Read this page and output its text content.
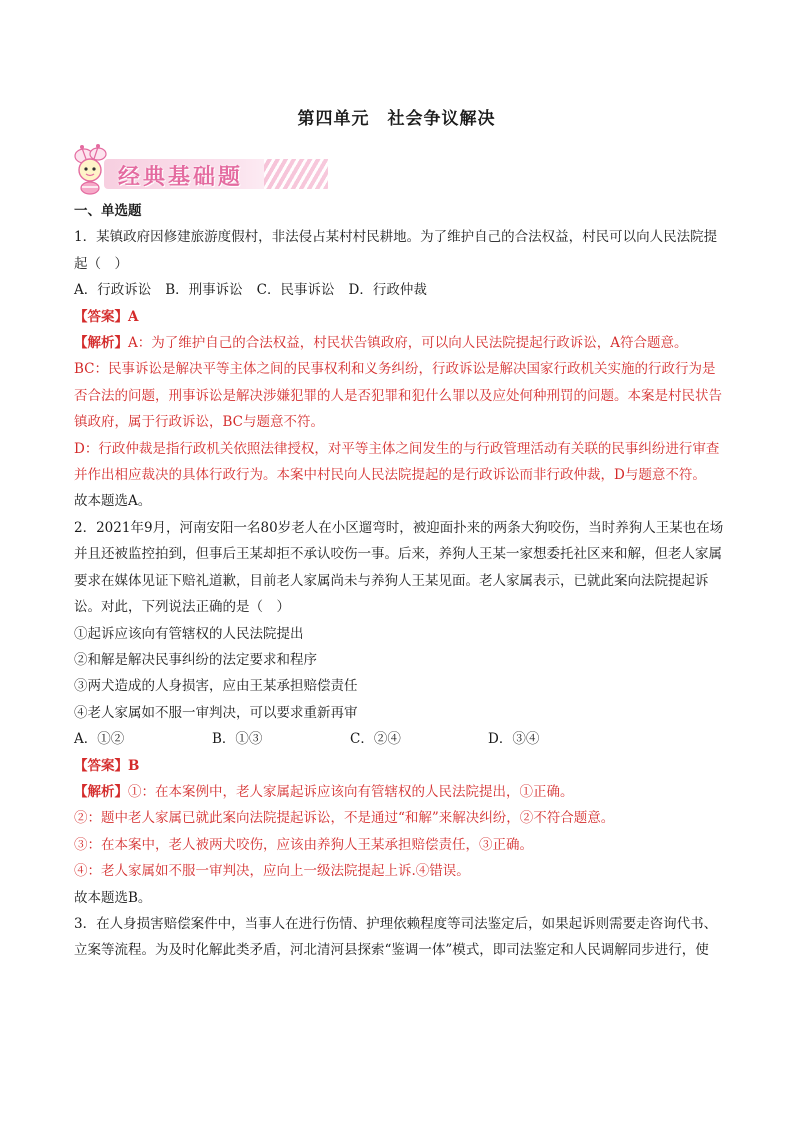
第四单元　社会争议解决
经典基础题

一、单选题

1．某镇政府因修建旅游度假村，非法侵占某村村民耕地。为了维护自己的合法权益，村民可以向人民法院提起（　）

A．行政诉讼 B．刑事诉讼 C．民事诉讼 D．行政仲裁

【答案】A

【解析】A：为了维护自己的合法权益，村民状告镇政府，可以向人民法院提起行政诉讼，A符合题意。

BC：民事诉讼是解决平等主体之间的民事权利和义务纠纷，行政诉讼是解决国家行政机关实施的行政行为是否合法的问题，刑事诉讼是解决涉嫌犯罪的人是否犯罪和犯什么罪以及应处何种刑罚的问题。本案是村民状告镇政府，属于行政诉讼，BC与题意不符。

D：行政仲裁是指行政机关依照法律授权，对平等主体之间发生的与行政管理活动有关联的民事纠纷进行审查并作出相应裁决的具体行政行为。本案中村民向人民法院提起的是行政诉讼而非行政仲裁，D与题意不符。

故本题选A。

2．2021年9月，河南安阳一名80岁老人在小区遛弯时，被迎面扑来的两条大狗咬伤，当时养狗人王某也在场并且还被监控拍到，但事后王某却拒不承认咬伤一事。后来，养狗人王某一家想委托社区来和解，但老人家属要求在媒体见证下赔礼道歉，目前老人家属尚未与养狗人王某见面。老人家属表示，已就此案向法院提起诉讼。对此，下列说法正确的是（　）

①起诉应该向有管辖权的人民法院提出

②和解是解决民事纠纷的法定要求和程序

③两犬造成的人身损害，应由王某承担赔偿责任

④老人家属如不服一审判决，可以要求重新再审

A．①②	B．①③	C．②④	D．③④

【答案】B

【解析】①：在本案例中，老人家属起诉应该向有管辖权的人民法院提出，①正确。

②：题中老人家属已就此案向法院提起诉讼，不是通过“和解”来解决纠纷，②不符合题意。

③：在本案中，老人被两犬咬伤，应该由养狗人王某承担赔偿责任，③正确。

④：老人家属如不服一审判决，应向上一级法院提起上诉.④错误。

故本题选B。

3．在人身损害赔偿案件中，当事人在进行伤情、护理依赖程度等司法鉴定后，如果起诉则需要走咨询代书、立案等流程。为及时化解此类矛盾，河北清河县探索“鉴调一体”模式，即司法鉴定和人民调解同步进行，使
